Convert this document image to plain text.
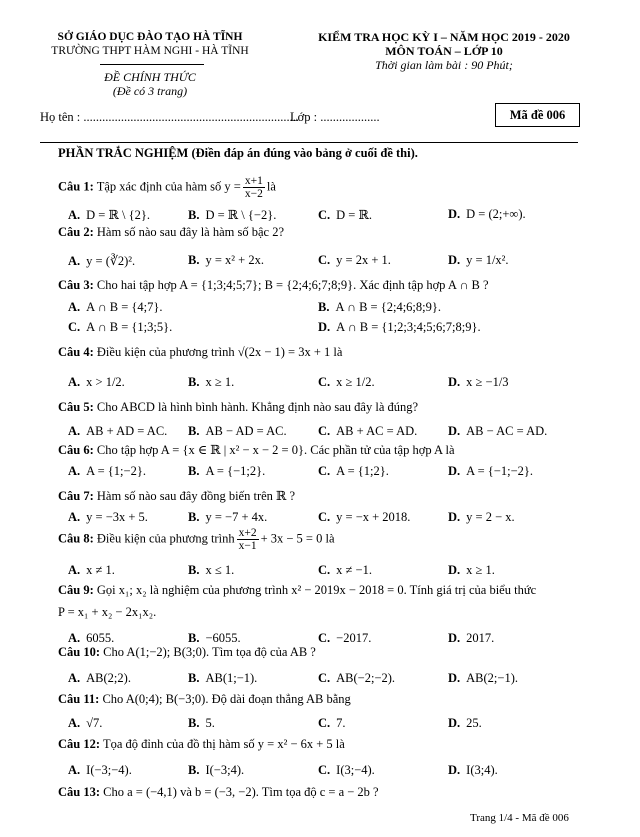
SỞ GIÁO DỤC ĐÀO TẠO HÀ TĨNH
TRƯỜNG THPT HÀM NGHI - HÀ TĨNH
ĐỀ CHÍNH THỨC
(Đề có 3 trang)
KIỂM TRA HỌC KỲ I – NĂM HỌC 2019 - 2020
MÔN TOÁN – LỚP 10
Thời gian làm bài : 90 Phút;
Họ tên : .....................................................................
Lớp : ...................	Mã đề 006
PHẦN TRẮC NGHIỆM (Điền đáp án đúng vào bảng ở cuối đề thi).
Câu 1: Tập xác định của hàm số $y = \frac{x+1}{x-2}$ là
A. D = ℝ \ {2}.	B. D = ℝ \ {−2}.	C. D = ℝ.	D. D = (2;+∞).
Câu 2: Hàm số nào sau đây là hàm số bậc 2?
A. y = (∛2)².	B. y = x² + 2x.	C. y = 2x + 1.	D. y = 1/x².
Câu 3: Cho hai tập hợp A = {1;3;4;5;7}; B = {2;4;6;7;8;9}. Xác định tập hợp A ∩ B ?
A. A ∩ B = {4;7}.	B. A ∩ B = {2;4;6;8;9}.
C. A ∩ B = {1;3;5}.	D. A ∩ B = {1;2;3;4;5;6;7;8;9}.
Câu 4: Điều kiện của phương trình √(2x − 1) = 3x + 1 là
A. x > 1/2.	B. x ≥ 1.	C. x ≥ 1/2.	D. x ≥ −1/3
Câu 5: Cho ABCD là hình bình hành. Khẳng định nào sau đây là đúng?
A. AB + AD = AC. B. AB − AD = AC.	C. AB + AC = AD. D. AB − AC = AD.
Câu 6: Cho tập hợp A = {x ∈ ℝ | x² − x − 2 = 0}. Các phần tử của tập hợp A là
A. A = {1;−2}.	B. A = {−1;2}.	C. A = {1;2}.	D. A = {−1;−2}.
Câu 7: Hàm số nào sau đây đồng biến trên ℝ ?
A. y = −3x + 5.	B. y = −7 + 4x.	C. y = −x + 2018.	D. y = 2 − x.
Câu 8: Điều kiện của phương trình $\frac{x+2}{x-1} + 3x - 5 = 0$ là
A. x ≠ 1.	B. x ≤ 1.	C. x ≠ −1.	D. x ≥ 1.
Câu 9: Gọi x₁; x₂ là nghiệm của phương trình x² − 2019x − 2018 = 0. Tính giá trị của biểu thức
P = x₁ + x₂ − 2x₁x₂.
A. 6055.	B. −6055.	C. −2017.	D. 2017.
Câu 10: Cho A(1;−2); B(3;0). Tìm tọa độ của AB ?
A. AB(2;2).	B. AB(1;−1).	C. AB(−2;−2).	D. AB(2;−1).
Câu 11: Cho A(0;4); B(−3;0). Độ dài đoạn thẳng AB bằng
A. √7.	B. 5.	C. 7.	D. 25.
Câu 12: Tọa độ đỉnh của đồ thị hàm số y = x² − 6x + 5 là
A. I(−3;−4).	B. I(−3;4).	C. I(3;−4).	D. I(3;4).
Câu 13: Cho a = (−4,1) và b = (−3, −2). Tìm tọa độ c = a − 2b ?
Trang 1/4 - Mã đề 006
